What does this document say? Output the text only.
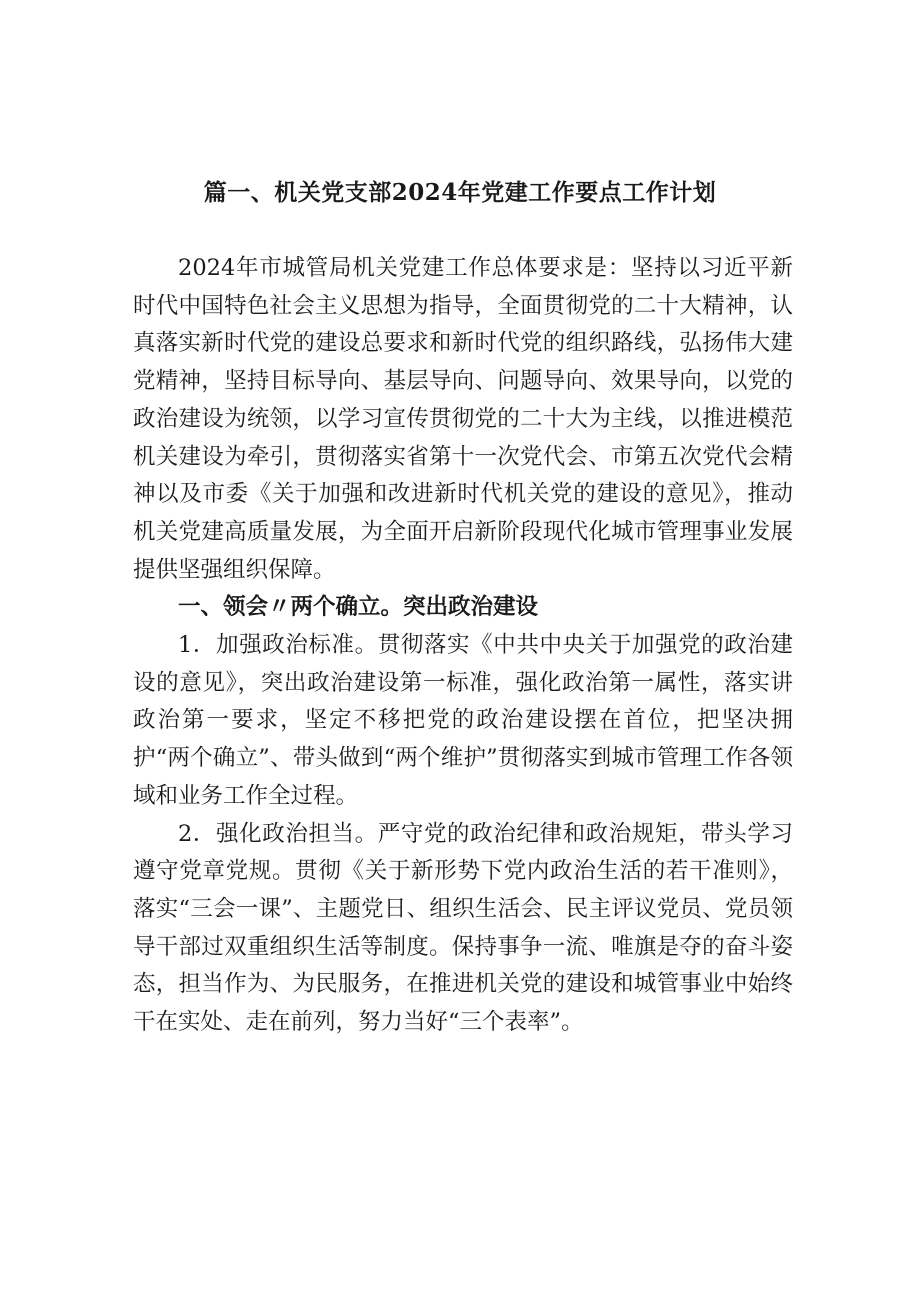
篇一、机关党支部2024年党建工作要点工作计划

2024年市城管局机关党建工作总体要求是：坚持以习近平新时代中国特色社会主义思想为指导，全面贯彻党的二十大精神，认真落实新时代党的建设总要求和新时代党的组织路线，弘扬伟大建党精神，坚持目标导向、基层导向、问题导向、效果导向，以党的政治建设为统领，以学习宣传贯彻党的二十大为主线，以推进模范机关建设为牵引，贯彻落实省第十一次党代会、市第五次党代会精神以及市委《关于加强和改进新时代机关党的建设的意见》，推动机关党建高质量发展，为全面开启新阶段现代化城市管理事业发展提供坚强组织保障。

一、领会〃两个确立。突出政治建设

1．加强政治标准。贯彻落实《中共中央关于加强党的政治建设的意见》，突出政治建设第一标准，强化政治第一属性，落实讲政治第一要求，坚定不移把党的政治建设摆在首位，把坚决拥护“两个确立”、带头做到“两个维护”贯彻落实到城市管理工作各领域和业务工作全过程。

2．强化政治担当。严守党的政治纪律和政治规矩，带头学习遵守党章党规。贯彻《关于新形势下党内政治生活的若干准则》，落实“三会一课”、主题党日、组织生活会、民主评议党员、党员领导干部过双重组织生活等制度。保持事争一流、唯旗是夺的奋斗姿态，担当作为、为民服务，在推进机关党的建设和城管事业中始终干在实处、走在前列，努力当好“三个表率”。
